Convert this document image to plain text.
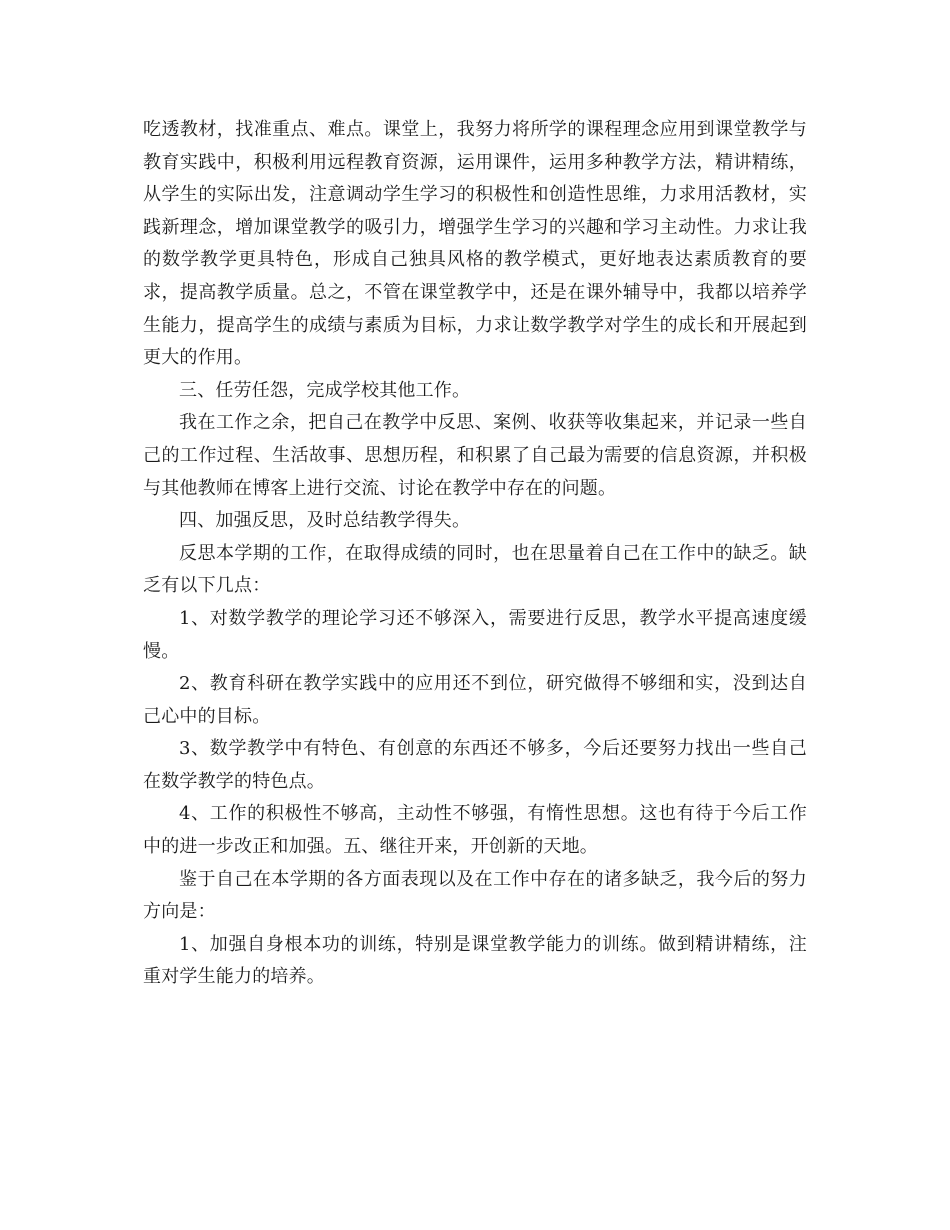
吃透教材，找准重点、难点。课堂上，我努力将所学的课程理念应用到课堂教学与教育实践中，积极利用远程教育资源，运用课件，运用多种教学方法，精讲精练，从学生的实际出发，注意调动学生学习的积极性和创造性思维，力求用活教材，实践新理念，增加课堂教学的吸引力，增强学生学习的兴趣和学习主动性。力求让我的数学教学更具特色，形成自己独具风格的教学模式，更好地表达素质教育的要求，提高教学质量。总之，不管在课堂教学中，还是在课外辅导中，我都以培养学生能力，提高学生的成绩与素质为目标，力求让数学教学对学生的成长和开展起到更大的作用。

三、任劳任怨，完成学校其他工作。

我在工作之余，把自己在教学中反思、案例、收获等收集起来，并记录一些自己的工作过程、生活故事、思想历程，和积累了自己最为需要的信息资源，并积极与其他教师在博客上进行交流、讨论在教学中存在的问题。

四、加强反思，及时总结教学得失。

反思本学期的工作，在取得成绩的同时，也在思量着自己在工作中的缺乏。缺乏有以下几点：

1、对数学教学的理论学习还不够深入，需要进行反思，教学水平提高速度缓慢。

2、教育科研在教学实践中的应用还不到位，研究做得不够细和实，没到达自己心中的目标。

3、数学教学中有特色、有创意的东西还不够多，今后还要努力找出一些自己在数学教学的特色点。

4、工作的积极性不够高，主动性不够强，有惰性思想。这也有待于今后工作中的进一步改正和加强。五、继往开来，开创新的天地。

鉴于自己在本学期的各方面表现以及在工作中存在的诸多缺乏，我今后的努力方向是：

1、加强自身根本功的训练，特别是课堂教学能力的训练。做到精讲精练，注重对学生能力的培养。
